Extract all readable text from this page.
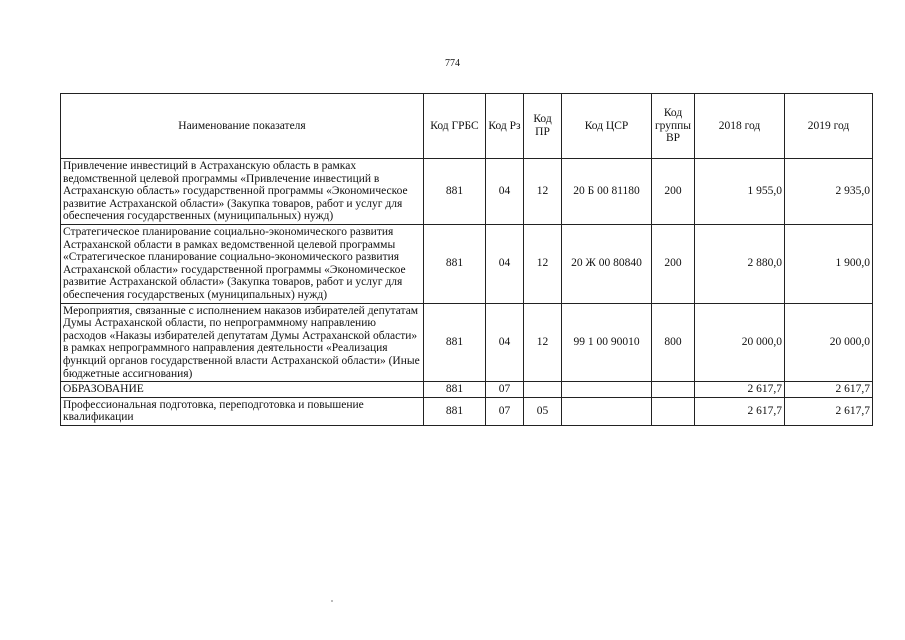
774
Наименование показателя	Код ГРБС	Код Рз	Код ПР	Код ЦСР	Код группы ВР	2018 год	2019 год
Привлечение инвестиций в Астраханскую область в рамках ведомственной целевой программы «Привлечение инвестиций в Астраханскую область» государственной программы «Экономическое развитие Астраханской области» (Закупка товаров, работ и услуг для обеспечения государственных (муниципальных) нужд)	881	04	12	20 Б 00 81180	200	1 955,0	2 935,0
Стратегическое планирование социально-экономического развития Астраханской области в рамках ведомственной целевой программы «Стратегическое планирование социально-экономического развития Астраханской области» государственной программы «Экономическое развитие Астраханской области» (Закупка товаров, работ и услуг для обеспечения государственых (муниципальных) нужд)	881	04	12	20 Ж 00 80840	200	2 880,0	1 900,0
Мероприятия, связанные с исполнением наказов избирателей депутатам Думы Астраханской области, по непрограммному направлению расходов «Наказы избирателей депутатам Думы Астраханской области» в рамках непрограммного направления деятельности «Реализация функций органов государственной власти Астраханской области» (Иные бюджетные ассигнования)	881	04	12	99 1 00 90010	800	20 000,0	20 000,0
ОБРАЗОВАНИЕ	881	07				2 617,7	2 617,7
Профессиональная подготовка, переподготовка и повышение квалификации	881	07	05			2 617,7	2 617,7
